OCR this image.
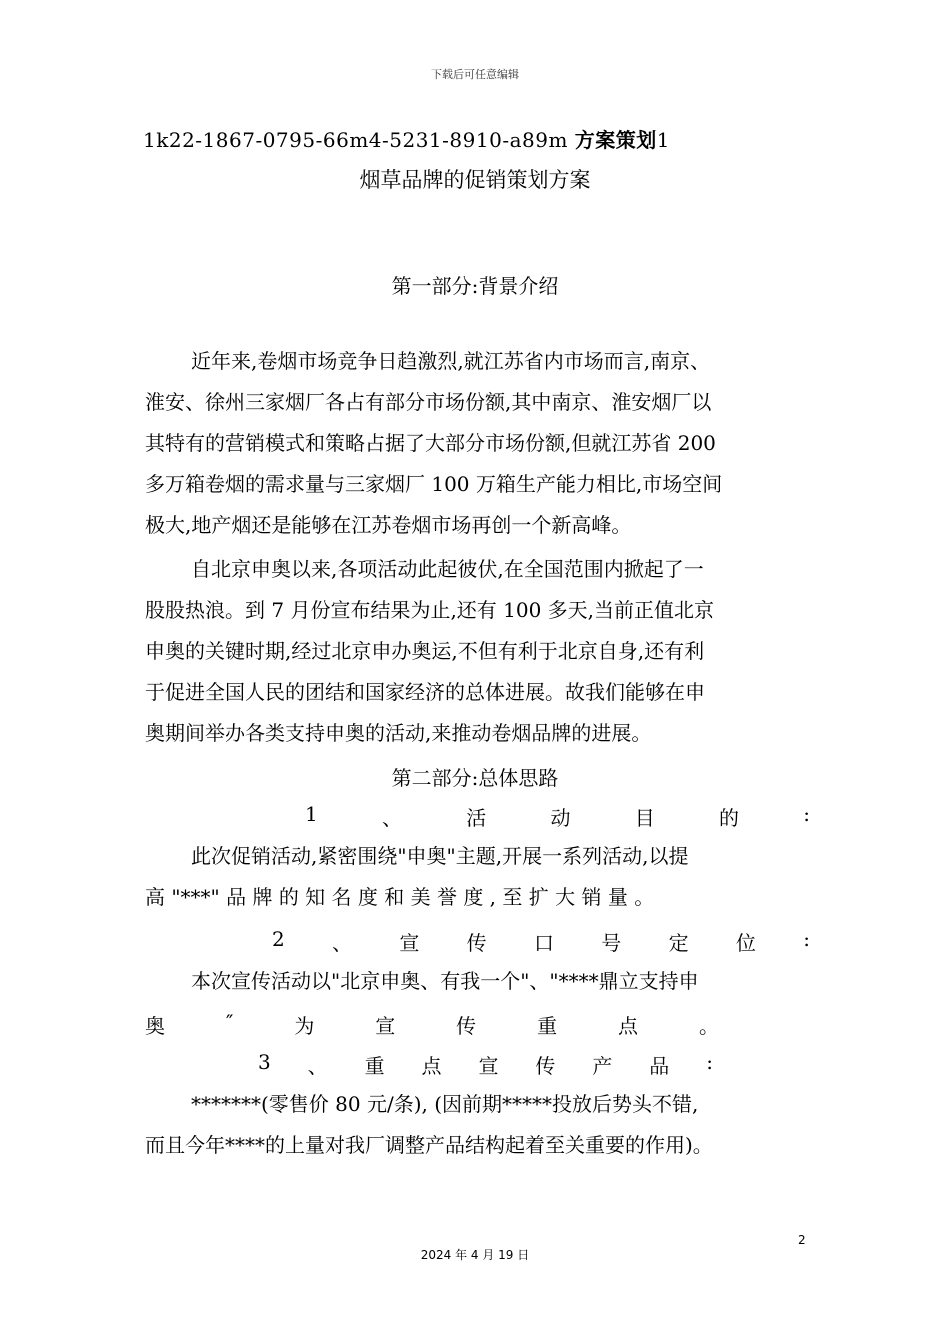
下载后可任意编辑
1k22-1867-0795-66m4-5231-8910-a89m 方案策划1
烟草品牌的促销策划方案
第一部分:背景介绍
近年来,卷烟市场竞争日趋激烈,就江苏省内市场而言,南京、
淮安、徐州三家烟厂各占有部分市场份额,其中南京、淮安烟厂以
其特有的营销模式和策略占据了大部分市场份额,但就江苏省 200
多万箱卷烟的需求量与三家烟厂 100 万箱生产能力相比,市场空间
极大,地产烟还是能够在江苏卷烟市场再创一个新高峰。
自北京申奥以来,各项活动此起彼伏,在全国范围内掀起了一
股股热浪。到 7 月份宣布结果为止,还有 100 多天,当前正值北京
申奥的关键时期,经过北京申办奥运,不但有利于北京自身,还有利
于促进全国人民的团结和国家经济的总体进展。故我们能够在申
奥期间举办各类支持申奥的活动,来推动卷烟品牌的进展。
第二部分:总体思路
1	、	活	动	目	的	:
此次促销活动,紧密围绕"申奥"主题,开展一系列活动,以提
高 "***" 品 牌 的 知 名 度 和 美 誉 度 , 至 扩 大 销 量 。
2 、 宣 传 口 号 定 位 :
本次宣传活动以"北京申奥、有我一个"、"****鼎立支持申
奥	″	为	宣	传	重	点	。
3 、 重 点 宣 传 产 品 :
*******(零售价 80 元/条), (因前期*****投放后势头不错,
而且今年****的上量对我厂调整产品结构起着至关重要的作用)。
2
2024 年 4 月 19 日
